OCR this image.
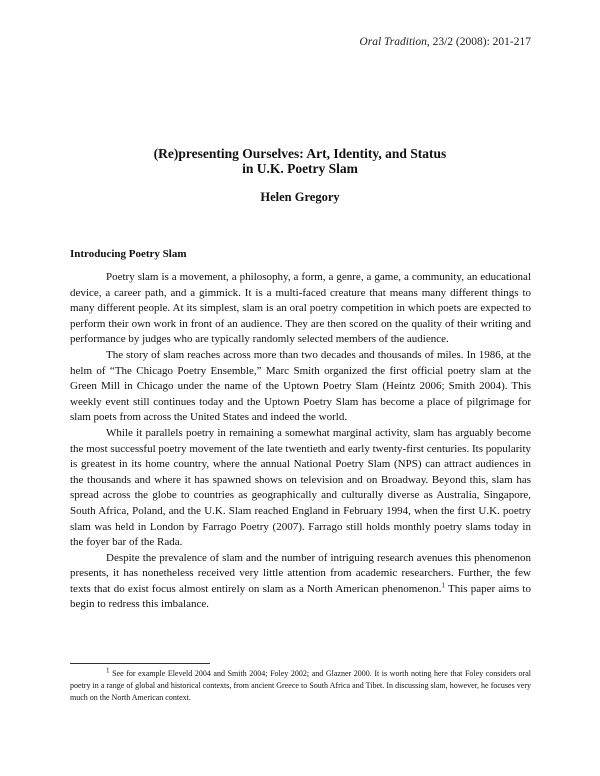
Oral Tradition, 23/2 (2008): 201-217
(Re)presenting Ourselves: Art, Identity, and Status
in U.K. Poetry Slam
Helen Gregory
Introducing Poetry Slam

Poetry slam is a movement, a philosophy, a form, a genre, a game, a community, an educational device, a career path, and a gimmick. It is a multi-faced creature that means many different things to many different people. At its simplest, slam is an oral poetry competition in which poets are expected to perform their own work in front of an audience. They are then scored on the quality of their writing and performance by judges who are typically randomly selected members of the audience.

The story of slam reaches across more than two decades and thousands of miles. In 1986, at the helm of “The Chicago Poetry Ensemble,” Marc Smith organized the first official poetry slam at the Green Mill in Chicago under the name of the Uptown Poetry Slam (Heintz 2006; Smith 2004). This weekly event still continues today and the Uptown Poetry Slam has become a place of pilgrimage for slam poets from across the United States and indeed the world.

While it parallels poetry in remaining a somewhat marginal activity, slam has arguably become the most successful poetry movement of the late twentieth and early twenty-first centuries. Its popularity is greatest in its home country, where the annual National Poetry Slam (NPS) can attract audiences in the thousands and where it has spawned shows on television and on Broadway. Beyond this, slam has spread across the globe to countries as geographically and culturally diverse as Australia, Singapore, South Africa, Poland, and the U.K. Slam reached England in February 1994, when the first U.K. poetry slam was held in London by Farrago Poetry (2007). Farrago still holds monthly poetry slams today in the foyer bar of the Rada.

Despite the prevalence of slam and the number of intriguing research avenues this phenomenon presents, it has nonetheless received very little attention from academic researchers. Further, the few texts that do exist focus almost entirely on slam as a North American phenomenon.$^1$ This paper aims to begin to redress this imbalance.

$^1$ See for example Eleveld 2004 and Smith 2004; Foley 2002; and Glazner 2000. It is worth noting here that Foley considers oral poetry in a range of global and historical contexts, from ancient Greece to South Africa and Tibet. In discussing slam, however, he focuses very much on the North American context.
